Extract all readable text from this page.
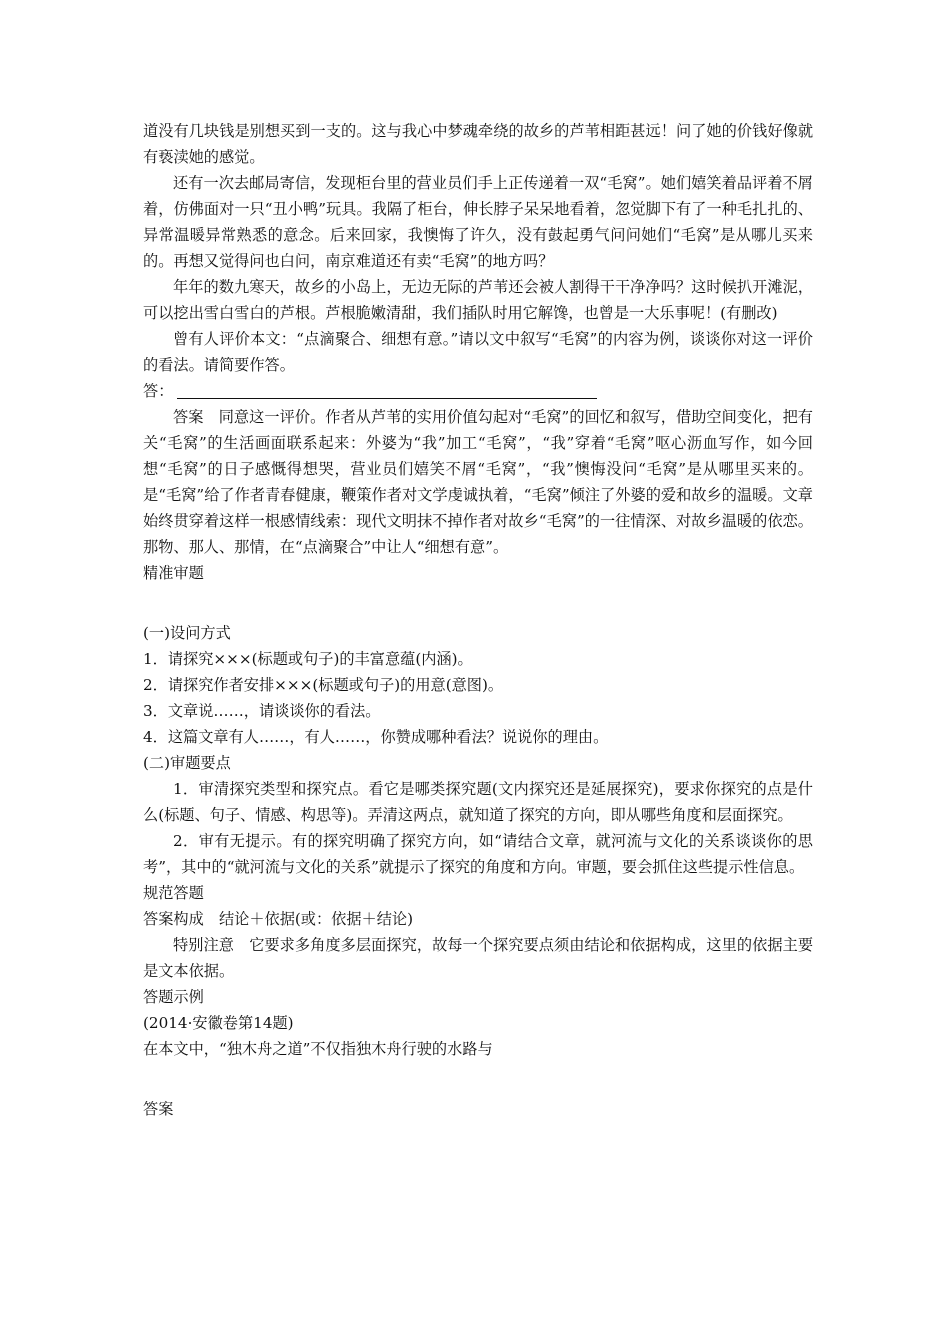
道没有几块钱是别想买到一支的。这与我心中梦魂牵绕的故乡的芦苇相距甚远！问了她的价钱好像就有亵渎她的感觉。

还有一次去邮局寄信，发现柜台里的营业员们手上正传递着一双“毛窝”。她们嬉笑着品评着不屑着，仿佛面对一只“丑小鸭”玩具。我隔了柜台，伸长脖子呆呆地看着，忽觉脚下有了一种毛扎扎的、异常温暖异常熟悉的意念。后来回家，我懊悔了许久，没有鼓起勇气问问她们“毛窝”是从哪儿买来的。再想又觉得问也白问，南京难道还有卖“毛窝”的地方吗？

年年的数九寒天，故乡的小岛上，无边无际的芦苇还会被人割得干干净净吗？这时候扒开滩泥，可以挖出雪白雪白的芦根。芦根脆嫩清甜，我们插队时用它解馋，也曾是一大乐事呢！(有删改)

曾有人评价本文：“点滴聚合、细想有意。”请以文中叙写“毛窝”的内容为例，谈谈你对这一评价的看法。请简要作答。

答：

答案　同意这一评价。作者从芦苇的实用价值勾起对“毛窝”的回忆和叙写，借助空间变化，把有关“毛窝”的生活画面联系起来：外婆为“我”加工“毛窝”，“我”穿着“毛窝”呕心沥血写作，如今回想“毛窝”的日子感慨得想哭，营业员们嬉笑不屑“毛窝”，“我”懊悔没问“毛窝”是从哪里买来的。是“毛窝”给了作者青春健康，鞭策作者对文学虔诚执着，“毛窝”倾注了外婆的爱和故乡的温暖。文章始终贯穿着这样一根感情线索：现代文明抹不掉作者对故乡“毛窝”的一往情深、对故乡温暖的依恋。那物、那人、那情，在“点滴聚合”中让人“细想有意”。

精准审题

(一)设问方式

1．请探究×××(标题或句子)的丰富意蕴(内涵)。

2．请探究作者安排×××(标题或句子)的用意(意图)。

3．文章说……，请谈谈你的看法。

4．这篇文章有人……，有人……，你赞成哪种看法？说说你的理由。

(二)审题要点

1．审清探究类型和探究点。看它是哪类探究题(文内探究还是延展探究)，要求你探究的点是什么(标题、句子、情感、构思等)。弄清这两点，就知道了探究的方向，即从哪些角度和层面探究。

2．审有无提示。有的探究明确了探究方向，如“请结合文章，就河流与文化的关系谈谈你的思考”，其中的“就河流与文化的关系”就提示了探究的角度和方向。审题，要会抓住这些提示性信息。

规范答题

答案构成　结论＋依据(或：依据＋结论)

特别注意　它要求多角度多层面探究，故每一个探究要点须由结论和依据构成，这里的依据主要是文本依据。

答题示例

(2014·安徽卷第14题)

在本文中，“独木舟之道”不仅指独木舟行驶的水路与

答案
